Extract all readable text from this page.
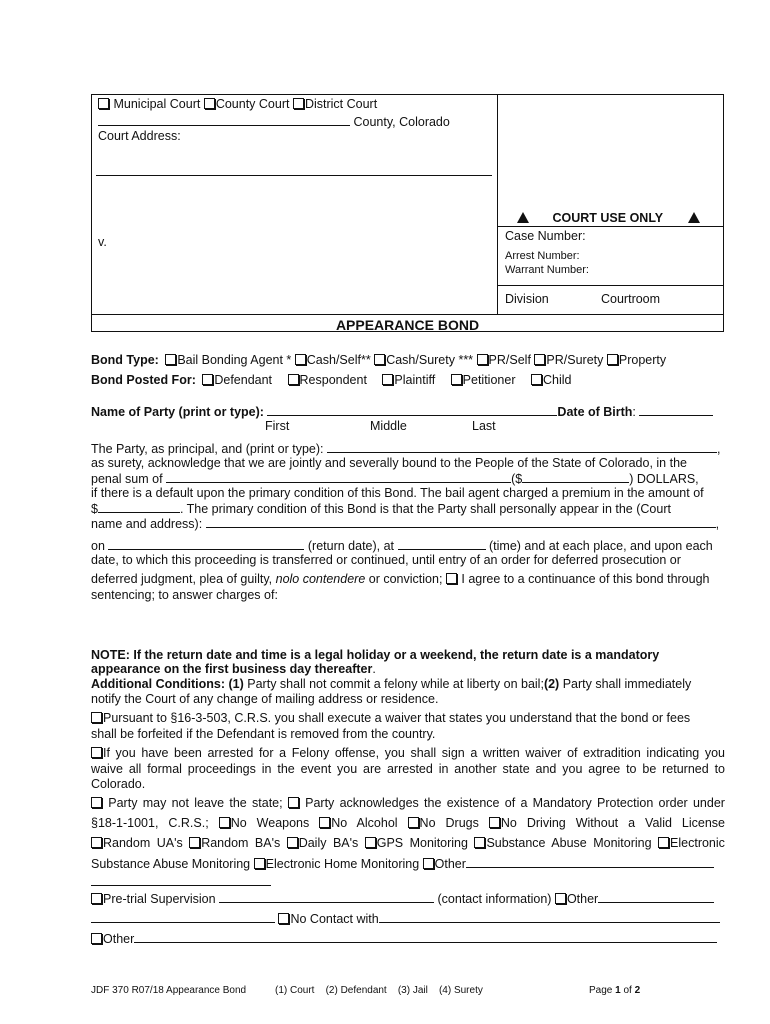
Municipal Court County Court District Court
County, Colorado
Court Address:
v.
COURT USE ONLY
Case Number:
Arrest Number:
Warrant Number:
Division	Courtroom
APPEARANCE BOND
Bond Type: Bail Bonding Agent * Cash/Self** Cash/Surety *** PR/Self PR/Surety Property
Bond Posted For: Defendant Respondent Plaintiff Petitioner Child
Name of Party (print or type):	Date of Birth:
First	Middle	Last
The Party, as principal, and (print or type):	,
as surety, acknowledge that we are jointly and severally bound to the People of the State of Colorado, in the
penal sum of	($	) DOLLARS,
if there is a default upon the primary condition of this Bond. The bail agent charged a premium in the amount of
$	. The primary condition of this Bond is that the Party shall personally appear in the (Court
name and address):	,
on	(return date), at	(time) and at each place, and upon each
date, to which this proceeding is transferred or continued, until entry of an order for deferred prosecution or
deferred judgment, plea of guilty, nolo contendere or conviction; I agree to a continuance of this bond through
sentencing; to answer charges of:
NOTE: If the return date and time is a legal holiday or a weekend, the return date is a mandatory
appearance on the first business day thereafter.
Additional Conditions: (1) Party shall not commit a felony while at liberty on bail;(2) Party shall immediately
notify the Court of any change of mailing address or residence.
Pursuant to §16-3-503, C.R.S. you shall execute a waiver that states you understand that the bond or fees
shall be forfeited if the Defendant is removed from the country.
If you have been arrested for a Felony offense, you shall sign a written waiver of extradition indicating you
waive all formal proceedings in the event you are arrested in another state and you agree to be returned to
Colorado.
Party may not leave the state; Party acknowledges the existence of a Mandatory Protection order under
§18-1-1001, C.R.S.; No Weapons No Alcohol No Drugs No Driving Without a Valid License
Random UA's Random BA's Daily BA's GPS Monitoring Substance Abuse Monitoring Electronic
Substance Abuse Monitoring Electronic Home Monitoring Other
Pre-trial Supervision	(contact information) Other
No Contact with
Other
JDF 370 R07/18 Appearance Bond	(1) Court    (2) Defendant    (3) Jail    (4) Surety	Page 1 of 2
